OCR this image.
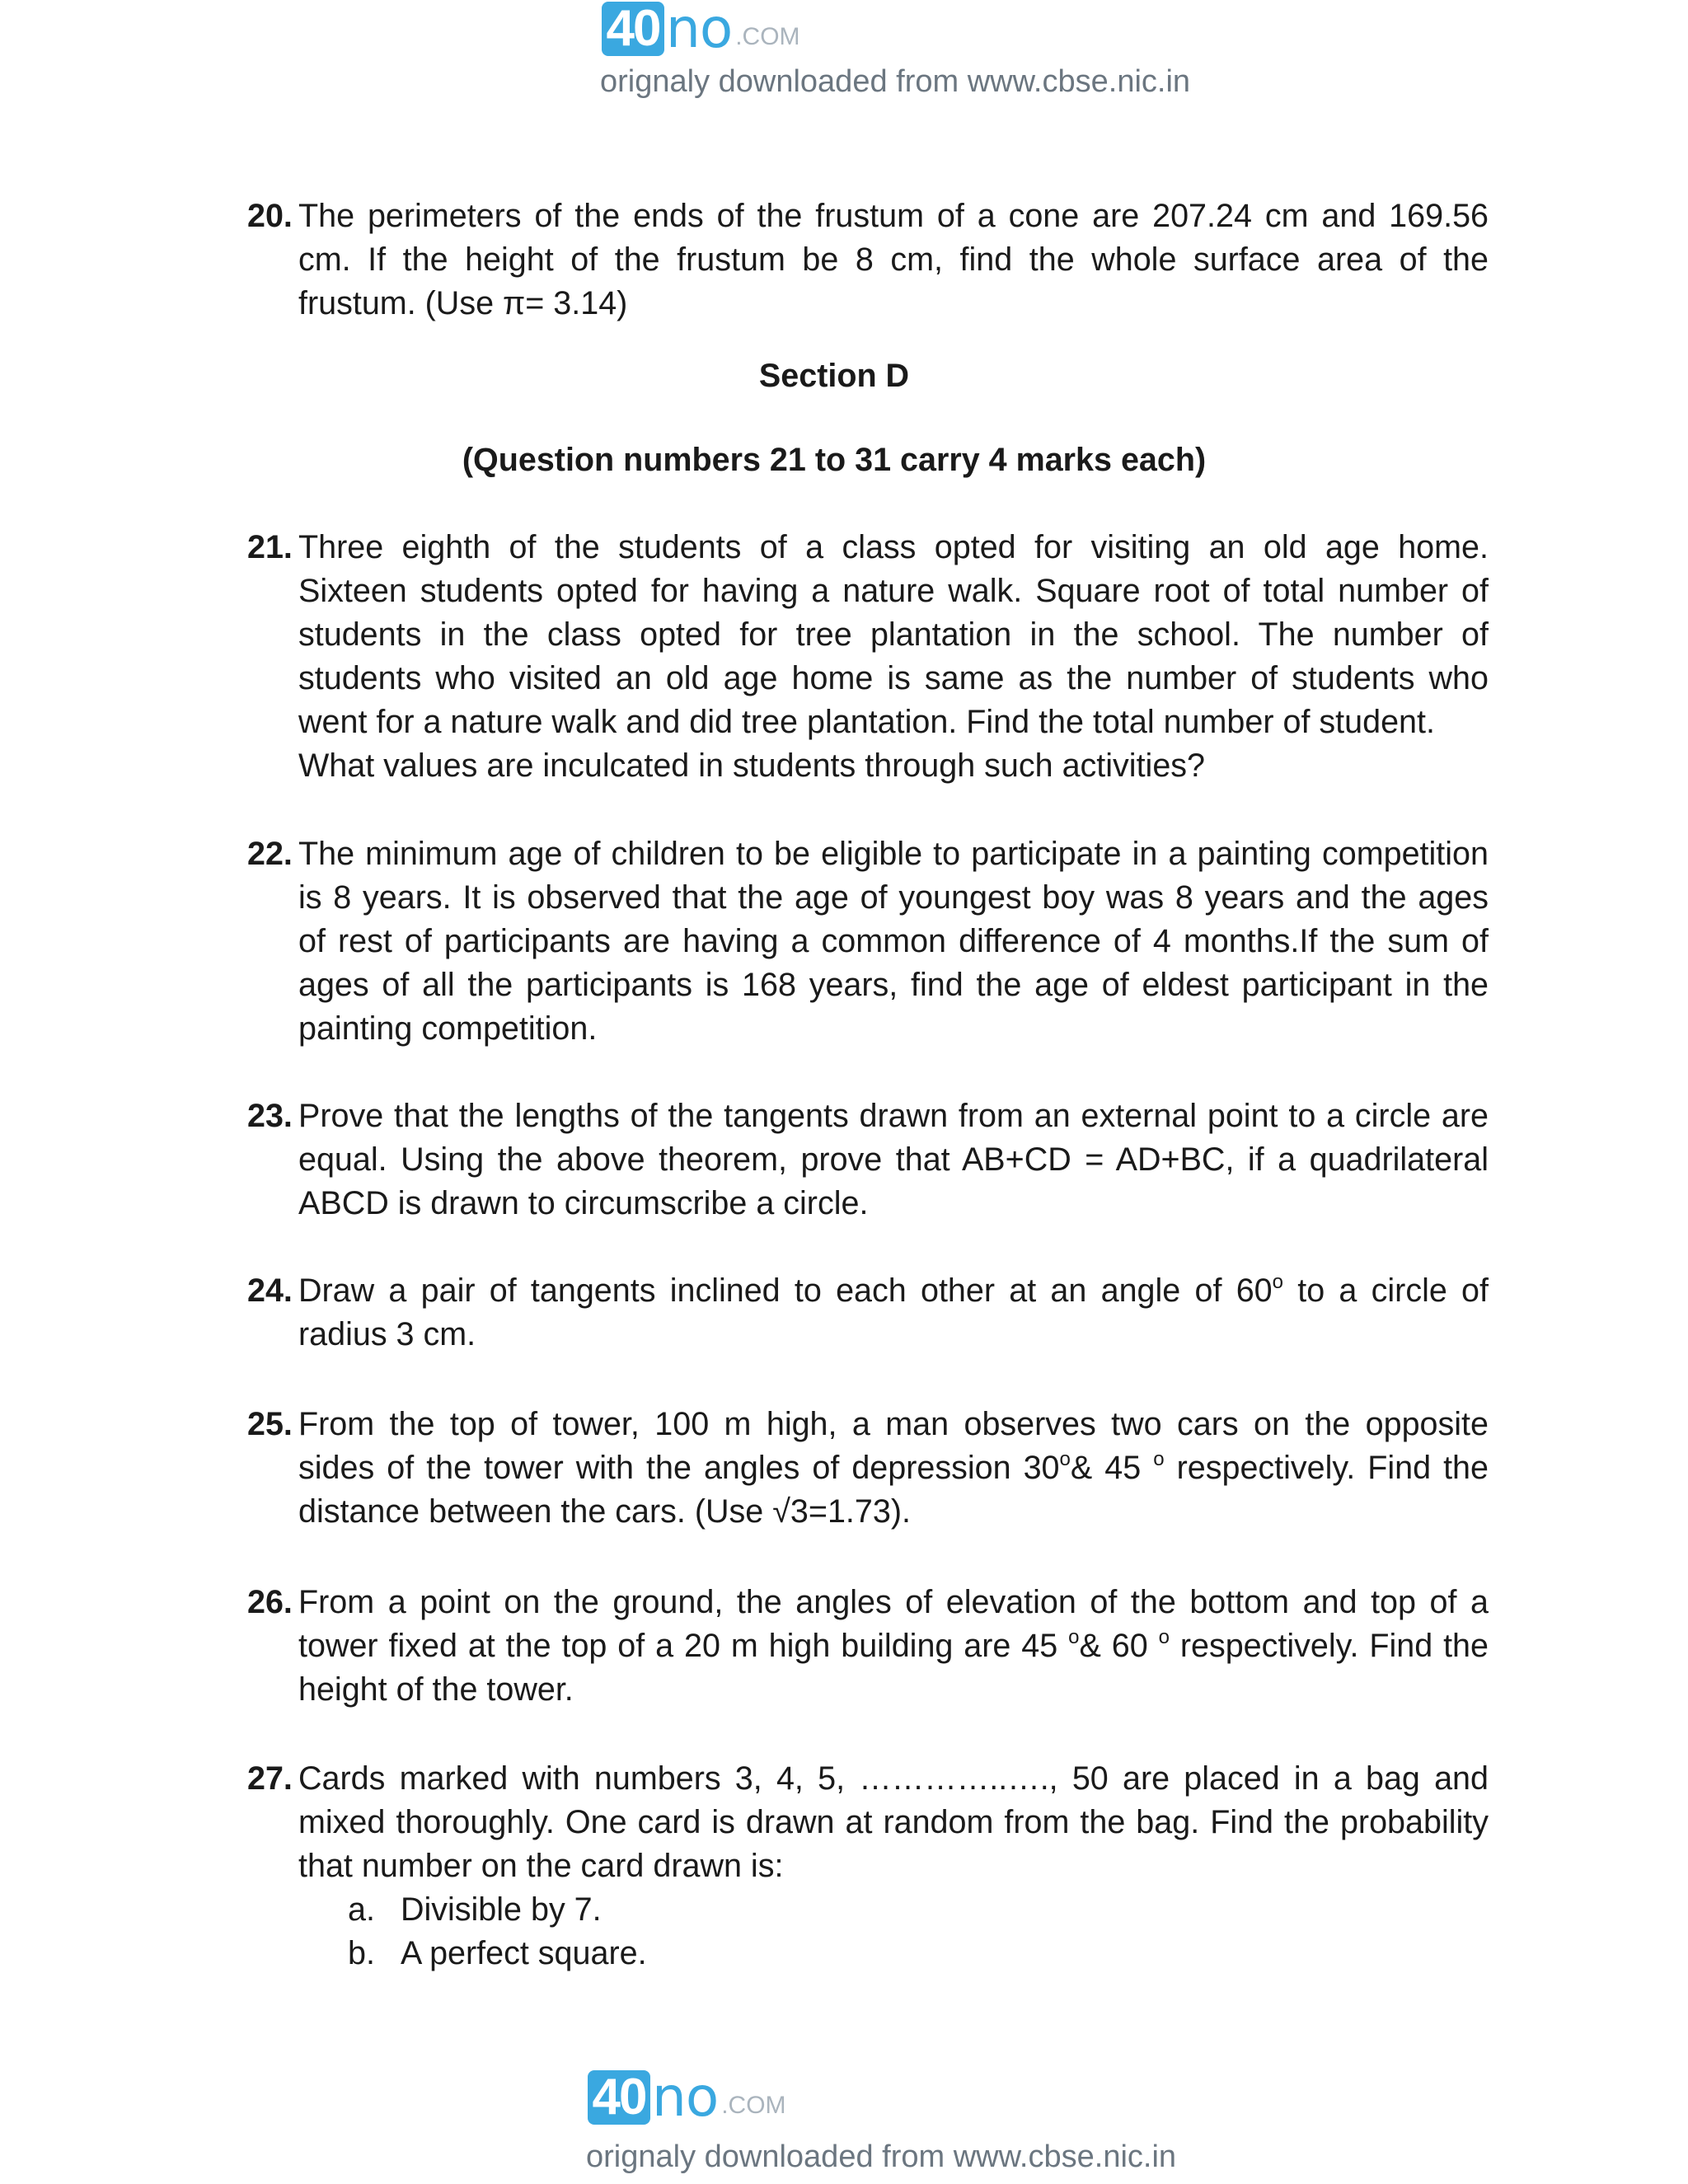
40 no .COM
orignaly downloaded from www.cbse.nic.in
20. The perimeters of the ends of the frustum of a cone are 207.24 cm and 169.56
cm. If the height of the frustum be 8 cm, find the whole surface area of the
frustum. (Use π= 3.14)
Section D
(Question numbers 21 to 31 carry 4 marks each)
21. Three eighth of the students of a class opted for visiting an old age home.
Sixteen students opted for having a nature walk. Square root of total number of
students in the class opted for tree plantation in the school. The number of
students who visited an old age home is same as the number of students who
went for a nature walk and did tree plantation. Find the total number of student.
What values are inculcated in students through such activities?
22. The minimum age of children to be eligible to participate in a painting competition
is 8 years. It is observed that the age of youngest boy was 8 years and the ages
of rest of participants are having a common difference of 4 months.If the sum of
ages of all the participants is 168 years, find the age of eldest participant in the
painting competition.
23. Prove that the lengths of the tangents drawn from an external point to a circle are
equal. Using the above theorem, prove that AB+CD = AD+BC, if a quadrilateral
ABCD is drawn to circumscribe a circle.
24. Draw a pair of tangents inclined to each other at an angle of 60$^o$ to a circle of
radius 3 cm.
25. From the top of tower, 100 m high, a man observes two cars on the opposite
sides of the tower with the angles of depression 30$^o$& 45 $^o$ respectively. Find the
distance between the cars. (Use √3=1.73).
26. From a point on the ground, the angles of elevation of the bottom and top of a
tower fixed at the top of a 20 m high building are 45 $^o$& 60 $^o$ respectively. Find the
height of the tower.
27. Cards marked with numbers 3, 4, 5, …………..…., 50 are placed in a bag and
mixed thoroughly. One card is drawn at random from the bag. Find the probability
that number on the card drawn is:
a. Divisible by 7.
b. A perfect square.
40 no .COM
orignaly downloaded from www.cbse.nic.in
